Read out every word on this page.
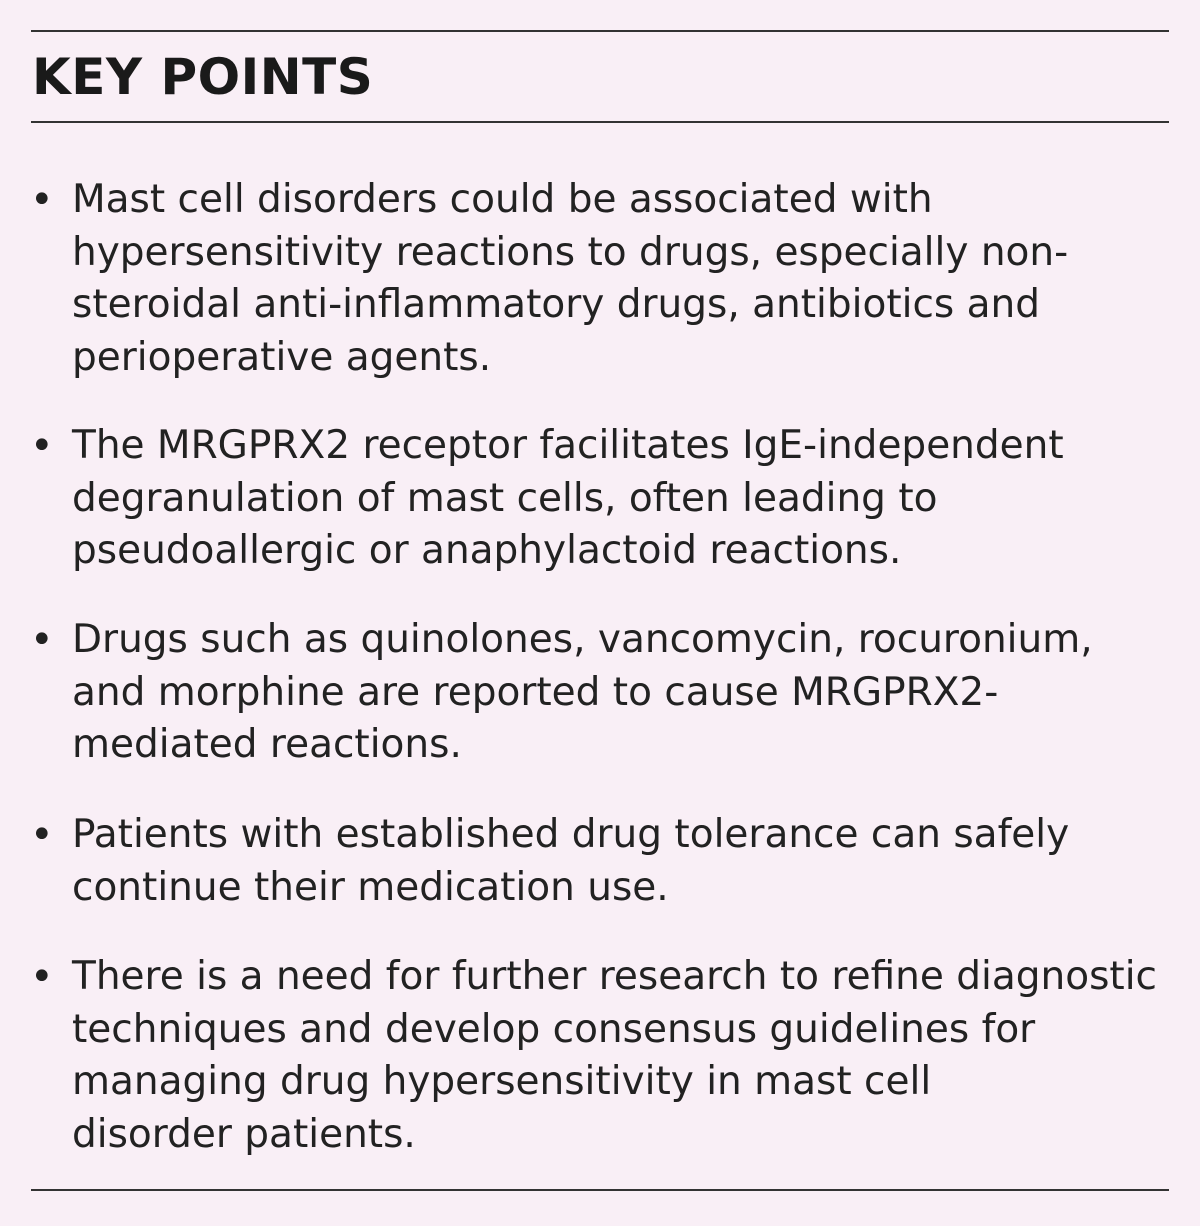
KEY POINTS
• Mast cell disorders could be associated with
hypersensitivity reactions to drugs, especially non-
steroidal anti-inflammatory drugs, antibiotics and
perioperative agents.

• The MRGPRX2 receptor facilitates IgE-independent
degranulation of mast cells, often leading to
pseudoallergic or anaphylactoid reactions.

• Drugs such as quinolones, vancomycin, rocuronium,
and morphine are reported to cause MRGPRX2-
mediated reactions.

• Patients with established drug tolerance can safely
continue their medication use.

• There is a need for further research to refine diagnostic
techniques and develop consensus guidelines for
managing drug hypersensitivity in mast cell
disorder patients.
